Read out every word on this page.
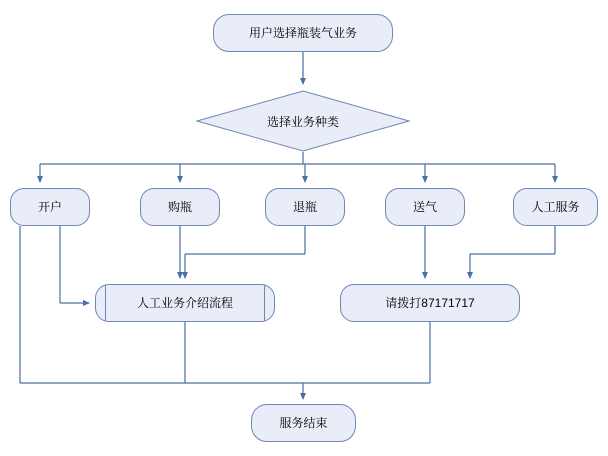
用户选择瓶装气业务
选择业务种类
开户	购瓶	退瓶	送气	人工服务
人工业务介绍流程	请拨打87171717
服务结束
